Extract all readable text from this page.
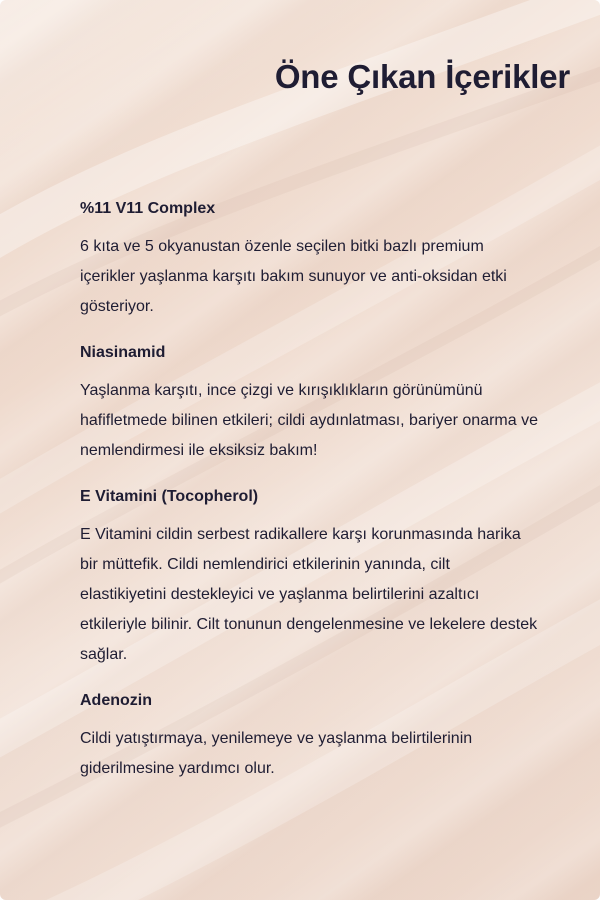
Öne Çıkan İçerikler
%11 V11 Complex

6 kıta ve 5 okyanustan özenle seçilen bitki bazlı premium içerikler yaşlanma karşıtı bakım sunuyor ve anti-oksidan etki gösteriyor.

Niasinamid

Yaşlanma karşıtı, ince çizgi ve kırışıklıkların görünümünü hafifletmede bilinen etkileri; cildi aydınlatması, bariyer onarma ve nemlendirmesi ile eksiksiz bakım!

E Vitamini (Tocopherol)

E Vitamini cildin serbest radikallere karşı korunmasında harika bir müttefik. Cildi nemlendirici etkilerinin yanında, cilt elastikiyetini destekleyici ve yaşlanma belirtilerini azaltıcı etkileriyle bilinir. Cilt tonunun dengelenmesine ve lekelere destek sağlar.

Adenozin

Cildi yatıştırmaya, yenilemeye ve yaşlanma belirtilerinin giderilmesine yardımcı olur.
